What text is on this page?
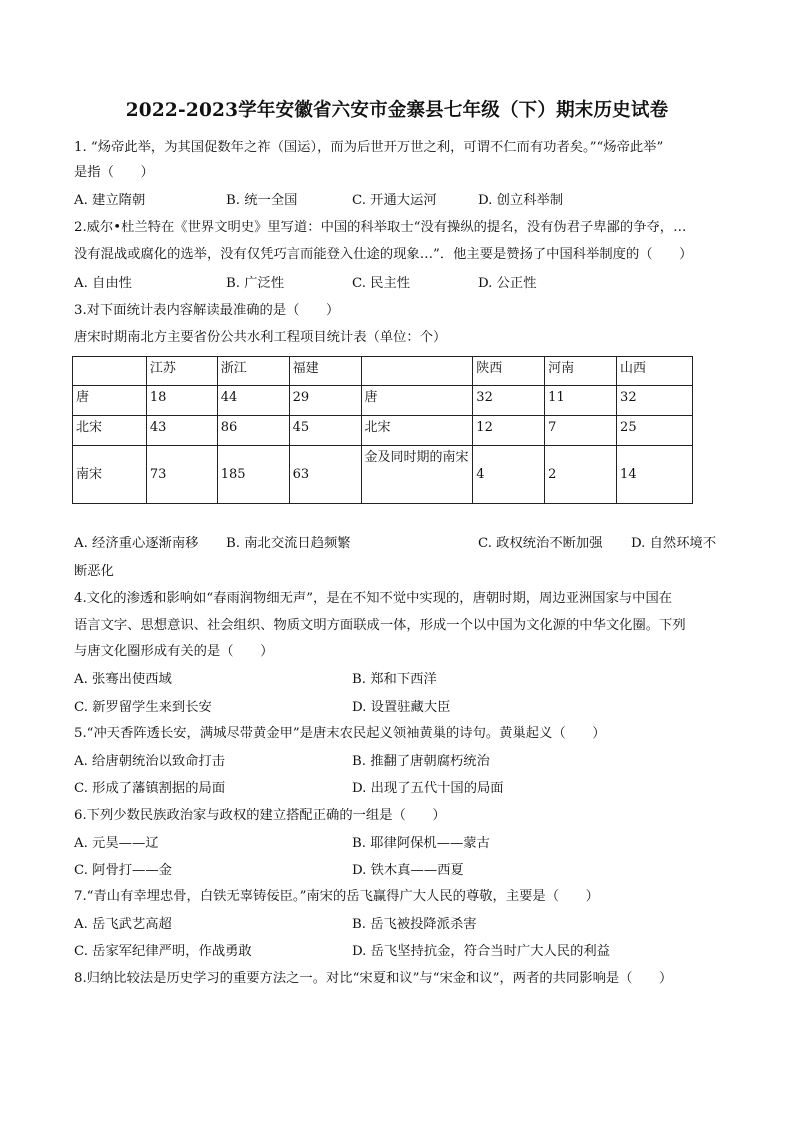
2022-2023学年安徽省六安市金寨县七年级（下）期末历史试卷
1. “炀帝此举，为其国促数年之祚（国运），而为后世开万世之利，可谓不仁而有功者矣。”“炀帝此举”
是指（　　）
A. 建立隋朝	B. 统一全国	C. 开通大运河	D. 创立科举制
2.威尔•杜兰特在《世界文明史》里写道：中国的科举取士“没有操纵的提名，没有伪君子卑鄙的争夺，…
没有混战或腐化的选举，没有仅凭巧言而能登入仕途的现象…”．他主要是赞扬了中国科举制度的（　　）
A. 自由性	B. 广泛性	C. 民主性	D. 公正性
3.对下面统计表内容解读最准确的是（　　）
唐宋时期南北方主要省份公共水利工程项目统计表（单位：个）
	江苏	浙江	福建		陕西	河南	山西
唐	18	44	29	唐	32	11	32
北宋	43	86	45	北宋	12	7	25
南宋	73	185	63	金及同时期的南宋	4	2	14
A. 经济重心逐渐南移 B. 南北交流日趋频繁	C. 政权统治不断加强 D. 自然环境不
断恶化
4.文化的渗透和影响如“春雨润物细无声”，是在不知不觉中实现的，唐朝时期，周边亚洲国家与中国在
语言文字、思想意识、社会组织、物质文明方面联成一体，形成一个以中国为文化源的中华文化圈。下列
与唐文化圈形成有关的是（　　）
A. 张骞出使西域	B. 郑和下西洋
C. 新罗留学生来到长安	D. 设置驻藏大臣
5.“冲天香阵透长安，满城尽带黄金甲”是唐末农民起义领袖黄巢的诗句。黄巢起义（　　）
A. 给唐朝统治以致命打击	B. 推翻了唐朝腐朽统治
C. 形成了藩镇割据的局面	D. 出现了五代十国的局面
6.下列少数民族政治家与政权的建立搭配正确的一组是（　　）
A. 元昊——辽	B. 耶律阿保机——蒙古
C. 阿骨打——金	D. 铁木真——西夏
7.“青山有幸埋忠骨，白铁无辜铸佞臣。”南宋的岳飞赢得广大人民的尊敬，主要是（　　）
A. 岳飞武艺高超	B. 岳飞被投降派杀害
C. 岳家军纪律严明，作战勇敢	D. 岳飞坚持抗金，符合当时广大人民的利益
8.归纳比较法是历史学习的重要方法之一。对比“宋夏和议”与“宋金和议”，两者的共同影响是（　　）
